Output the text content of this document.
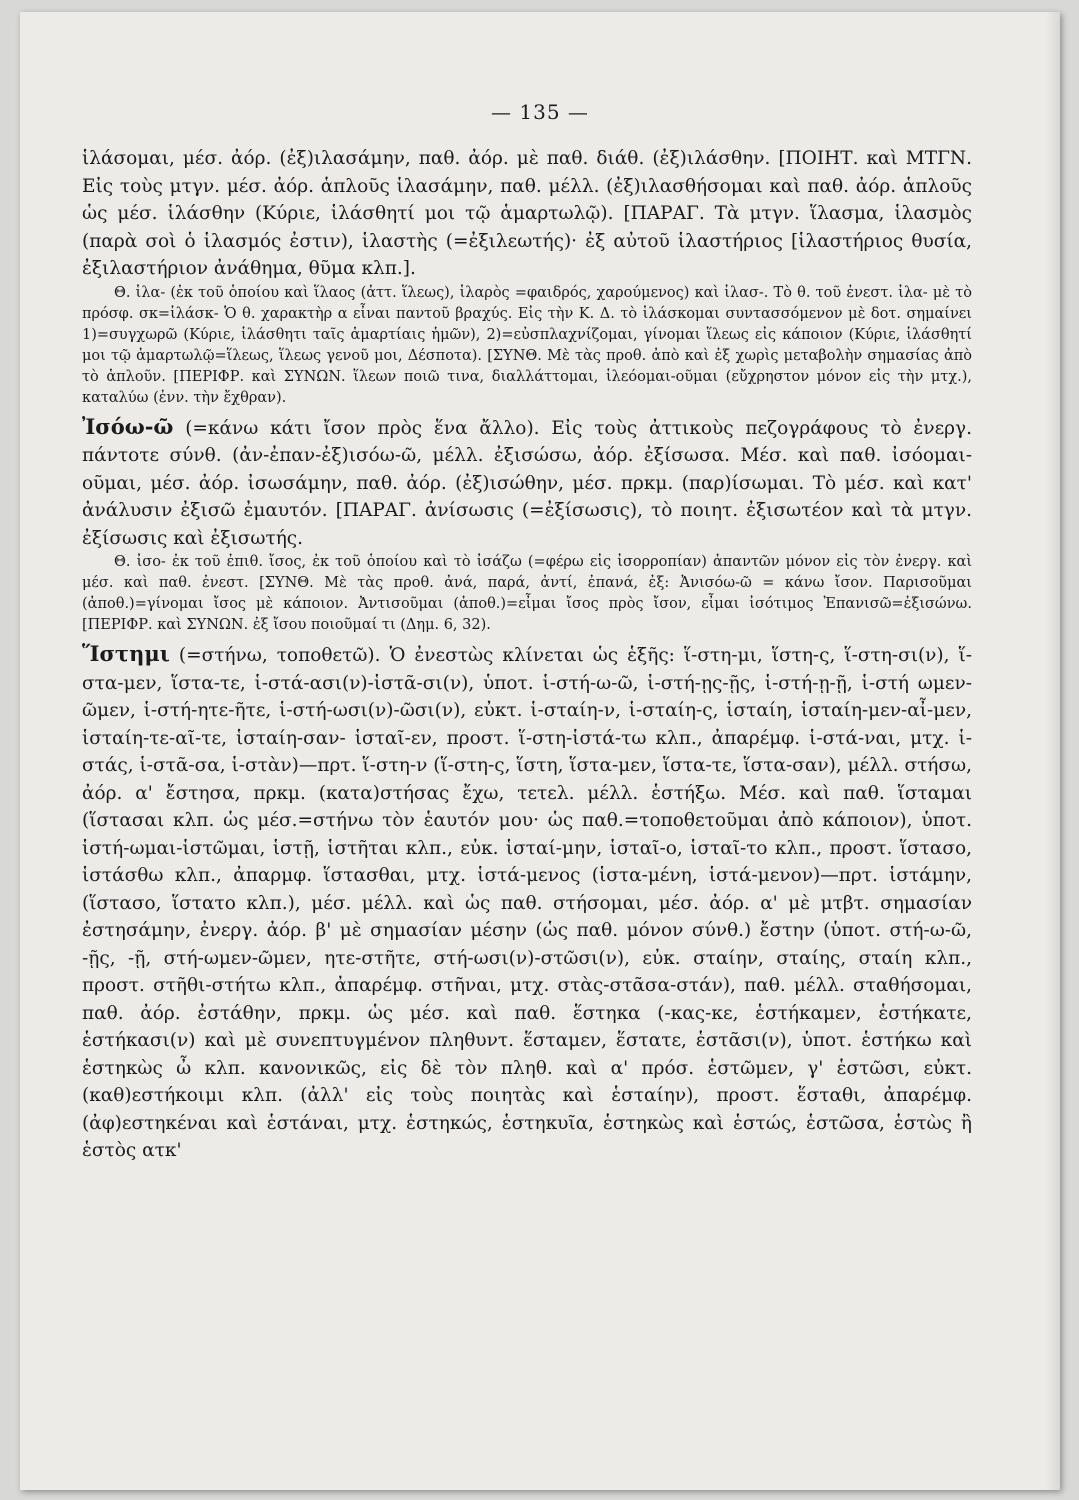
— 135 —

ἱλάσομαι, μέσ. ἀόρ. (ἐξ)ιλασάμην, παθ. ἀόρ. μὲ παθ. διάθ. (ἐξ)ιλάσθην. [ΠΟΙΗΤ. καὶ ΜΤΓΝ. Εἰς τοὺς μτγν. μέσ. ἀόρ. ἁπλοῦς ἱλασάμην, παθ. μέλλ. (ἐξ)ιλασθήσομαι καὶ παθ. ἀόρ. ἁπλοῦς ὡς μέσ. ἱλάσθην (Κύριε, ἱλάσθητί μοι τῷ ἁμαρτωλῷ). [ΠΑΡΑΓ. Τὰ μτγν. ἵλασμα, ἱλασμὸς (παρὰ σοὶ ὁ ἱλασμός ἐστιν), ἱλαστὴς (=ἐξιλεωτής)· ἐξ αὐτοῦ ἱλαστήριος [ἱλαστήριος θυσία, ἐξιλαστήριον ἀνάθημα, θῦμα κλπ.].

Θ. ἱλα- (ἐκ τοῦ ὁποίου καὶ ἵλαος (ἀττ. ἵλεως), ἱλαρὸς =φαιδρός, χαρούμενος) καὶ ἱλασ-. Τὸ θ. τοῦ ἐνεστ. ἱλα- μὲ τὸ πρόσφ. σκ=ἱλάσκ- Ὁ θ. χαρακτὴρ α εἶναι παντοῦ βραχύς. Εἰς τὴν Κ. Δ. τὸ ἱλάσκομαι συντασσόμενον μὲ δοτ. σημαίνει 1)=συγχωρῶ (Κύριε, ἱλάσθητι ταῖς ἁμαρτίαις ἡμῶν), 2)=εὐσπλαχνίζομαι, γίνομαι ἵλεως εἰς κάποιον (Κύριε, ἱλάσθητί μοι τῷ ἁμαρτωλῷ=ἵλεως, ἵλεως γενοῦ μοι, Δέσποτα). [ΣΥΝΘ. Μὲ τὰς προθ. ἀπὸ καὶ ἐξ χωρὶς μεταβολὴν σημασίας ἀπὸ τὸ ἁπλοῦν. [ΠΕΡΙΦΡ. καὶ ΣΥΝΩΝ. ἵλεων ποιῶ τινα, διαλλάττομαι, ἱλεόομαι-οῦμαι (εὔχρηστον μόνον εἰς τὴν μτχ.), καταλύω (ἐνν. τὴν ἔχθραν).

Ἰσόω-ῶ (=κάνω κάτι ἴσον πρὸς ἕνα ἄλλο). Εἰς τοὺς ἀττικοὺς πεζογράφους τὸ ἐνεργ. πάντοτε σύνθ. (ἀν-ἐπαν-ἐξ)ισόω-ῶ, μέλλ. ἐξισώσω, ἀόρ. ἐξίσωσα. Μέσ. καὶ παθ. ἰσόομαι-οῦμαι, μέσ. ἀόρ. ἰσωσάμην, παθ. ἀόρ. (ἐξ)ισώθην, μέσ. πρκμ. (παρ)ίσωμαι. Τὸ μέσ. καὶ κατ' ἀνάλυσιν ἐξισῶ ἐμαυτόν. [ΠΑΡΑΓ. ἀνίσωσις (=ἐξίσωσις), τὸ ποιητ. ἐξισωτέον καὶ τὰ μτγν. ἐξίσωσις καὶ ἐξισωτής.

Θ. ἰσο- ἐκ τοῦ ἐπιθ. ἴσος, ἐκ τοῦ ὁποίου καὶ τὸ ἰσάζω (=φέρω εἰς ἰσορροπίαν) ἀπαντῶν μόνον εἰς τὸν ἐνεργ. καὶ μέσ. καὶ παθ. ἐνεστ. [ΣΥΝΘ. Μὲ τὰς προθ. ἀνά, παρά, ἀντί, ἐπανά, ἐξ: Ἀνισόω-ῶ = κάνω ἴσον. Παρισοῦμαι (ἀποθ.)=γίνομαι ἴσος μὲ κάποιον. Ἀντισοῦμαι (ἀποθ.)=εἶμαι ἴσος πρὸς ἴσον, εἶμαι ἰσότιμος Ἐπανισῶ=ἐξισώνω. [ΠΕΡΙΦΡ. καὶ ΣΥΝΩΝ. ἐξ ἴσου ποιοῦμαί τι (Δημ. 6, 32).

Ἵστημι (=στήνω, τοποθετῶ). Ὁ ἐνεστὼς κλίνεται ὡς ἑξῆς: ἵ-στη-μι, ἵστη-ς, ἵ-στη-σι(ν), ἵ-στα-μεν, ἵστα-τε, ἱ-στά-ασι(ν)-ἱστᾶ-σι(ν), ὑποτ. ἱ-στή-ω-ῶ, ἱ-στή-ῃς-ῇς, ἱ-στή-ῃ-ῇ, ἱ-στή ωμεν-ῶμεν, ἱ-στή-ητε-ῆτε, ἱ-στή-ωσι(ν)-ῶσι(ν), εὐκτ. ἱ-σταίη-ν, ἱ-σταίη-ς, ἱσταίη, ἱσταίη-μεν-αἶ-μεν, ἱσταίη-τε-αῖ-τε, ἱσταίη-σαν- ἱσταῖ-εν, προστ. ἵ-στη-ἱστά-τω κλπ., ἀπαρέμφ. ἱ-στά-ναι, μτχ. ἱ-στάς, ἱ-στᾶ-σα, ἱ-στὰν)—πρτ. ἵ-στη-ν (ἵ-στη-ς, ἵστη, ἵστα-μεν, ἵστα-τε, ἵστα-σαν), μέλλ. στήσω, ἀόρ. α' ἔστησα, πρκμ. (κατα)στήσας ἔχω, τετελ. μέλλ. ἑστήξω. Μέσ. καὶ παθ. ἵσταμαι (ἵστασαι κλπ. ὡς μέσ.=στήνω τὸν ἑαυτόν μου· ὡς παθ.=τοποθετοῦμαι ἀπὸ κάποιον), ὑποτ. ἱστή-ωμαι-ἱστῶμαι, ἱστῇ, ἱστῆται κλπ., εὐκ. ἱσταί-μην, ἱσταῖ-ο, ἱσταῖ-το κλπ., προστ. ἵστασο, ἱστάσθω κλπ., ἀπαρμφ. ἵστασθαι, μτχ. ἱστά-μενος (ἱστα-μένη, ἱστά-μενον)—πρτ. ἱστάμην, (ἵστασο, ἵστατο κλπ.), μέσ. μέλλ. καὶ ὡς παθ. στήσομαι, μέσ. ἀόρ. α' μὲ μτβτ. σημασίαν ἐστησάμην, ἐνεργ. ἀόρ. β' μὲ σημασίαν μέσην (ὡς παθ. μόνον σύνθ.) ἔστην (ὑποτ. στή-ω-ῶ, -ῇς, -ῇ, στή-ωμεν-ῶμεν, ητε-στῆτε, στή-ωσι(ν)-στῶσι(ν), εὐκ. σταίην, σταίης, σταίη κλπ., προστ. στῆθι-στήτω κλπ., ἀπαρέμφ. στῆναι, μτχ. στὰς-στᾶσα-στάν), παθ. μέλλ. σταθήσομαι, παθ. ἀόρ. ἐστάθην, πρκμ. ὡς μέσ. καὶ παθ. ἕστηκα (-κας-κε, ἑστήκαμεν, ἑστήκατε, ἑστήκασι(ν) καὶ μὲ συνεπτυγμένον πληθυντ. ἕσταμεν, ἕστατε, ἑστᾶσι(ν), ὑποτ. ἑστήκω καὶ ἑστηκὼς ὦ κλπ. κανονικῶς, εἰς δὲ τὸν πληθ. καὶ α' πρόσ. ἑστῶμεν, γ' ἑστῶσι, εὐκτ. (καθ)εστήκοιμι κλπ. (ἀλλ' εἰς τοὺς ποιητὰς καὶ ἑσταίην), προστ. ἕσταθι, ἀπαρέμφ. (ἀφ)εστηκέναι καὶ ἑστάναι, μτχ. ἑστηκώς, ἑστηκυῖα, ἑστηκὼς καὶ ἑστώς, ἑστῶσα, ἑστὼς ἢ ἑστὸς ατκ'
